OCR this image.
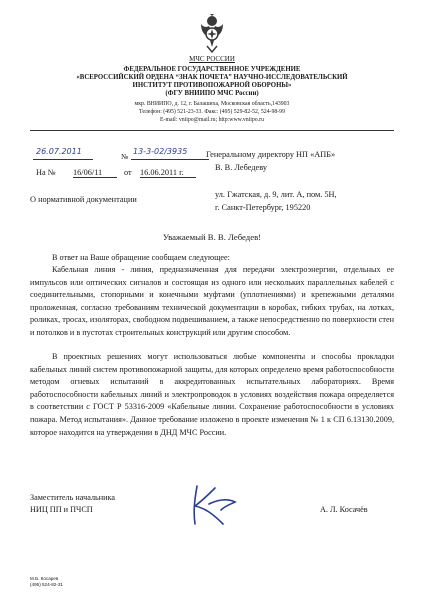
МЧС РОССИИ
ФЕДЕРАЛЬНОЕ ГОСУДАРСТВЕННОЕ УЧРЕЖДЕНИЕ
«ВСЕРОССИЙСКИЙ ОРДЕНА “ЗНАК ПОЧЕТА” НАУЧНО-ИССЛЕДОВАТЕЛЬСКИЙ
ИНСТИТУТ ПРОТИВОПОЖАРНОЙ ОБОРОНЫ»
(ФГУ ВНИИПО МЧС России)
мкр. ВНИИПО, д. 12, г. Балашиха, Московская область,143903
Телефон: (495) 521-23-33. Факс: (495) 529-82-52, 524-98-99
E-mail: vniipo@mail.ru; http:www.vniipo.ru
26.07.2011
№
13-3-02/3935
На № 16/06/11	от 16.06.2011 г.
Генеральному директору НП «АПБ»
В. В. Лебедеву
ул. Гжатская, д. 9, лит. А, пом. 5Н,
г. Санкт-Петербург, 195220
О нормативной документации
Уважаемый В. В. Лебедев!
В ответ на Ваше обращение сообщаем следующее:
Кабельная линия - линия, предназначенная для передачи электроэнергии, отдельных ее импульсов или оптических сигналов и состоящая из одного или нескольких параллельных кабелей с соединительными, стопорными и конечными муфтами (уплотнениями) и крепежными деталями проложенная, согласно требованиям технической документации в коробах, гибких трубах, на лотках, роликах, тросах, изоляторах, свободном подвешиванием, а также непосредственно по поверхности стен и потолков и в пустотах строительных конструкций или другим способом.
В проектных решениях могут использоваться любые компоненты и способы прокладки кабельных линий систем противопожарной защиты, для которых определено время работоспособности методом огневых испытаний в аккредитованных испытательных лабораториях. Время работоспособности кабельных линий и электропроводок в условиях воздействия пожара определяется в соответствии с ГОСТ Р 53316-2009 «Кабельные линии. Сохранение работоспособности в условиях пожара. Метод испытания». Данное требование изложено в проекте изменения № 1 к СП 6.13130.2009, которое находится на утверждении в ДНД МЧС России.
Заместитель начальника
НИЦ ПП и ПЧСП	А. Л. Косачёв
М.Б. Косарев
(495) 524-82-31
